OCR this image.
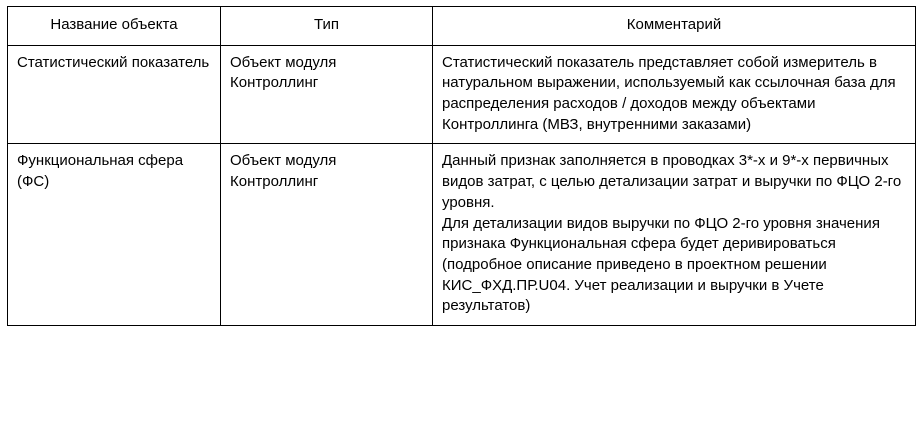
Название объекта	Тип	Комментарий
Статистический показатель	Объект модуля Контроллинг	Статистический показатель представляет собой измеритель в натуральном выражении, используемый как ссылочная база для распределения расходов / доходов между объектами Контроллинга (МВЗ, внутренними заказами)

Функциональная сфера (ФС)	Объект модуля Контроллинг	Данный признак заполняется в проводках 3*-х и 9*-х первичных видов затрат, с целью детализации затрат и выручки по ФЦО 2-го уровня.

Для детализации видов выручки по ФЦО 2-го уровня значения признака Функциональная сфера будет деривироваться (подробное описание приведено в проектном решении КИС_ФХД.ПР.U04. Учет реализации и выручки в Учете результатов)
